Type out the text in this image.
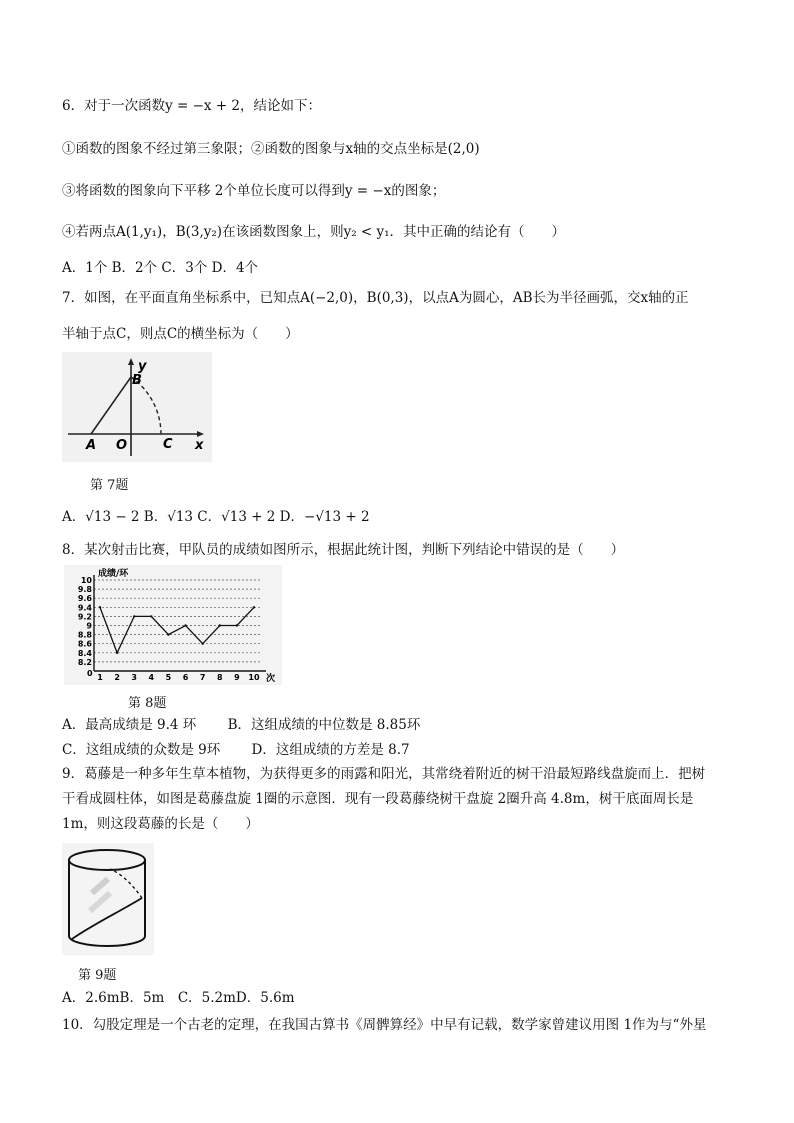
6．对于一次函数y = −x + 2，结论如下：
①函数的图象不经过第三象限；②函数的图象与x轴的交点坐标是(2,0)
③将函数的图象向下平移 2个单位长度可以得到y = −x的图象；
④若两点A(1,y₁)，B(3,y₂)在该函数图象上，则y₂ < y₁．其中正确的结论有（　　）
A．1个 B．2个 C．3个 D．4个
7．如图，在平面直角坐标系中，已知点A(−2,0)，B(0,3)，以点A为圆心，AB长为半径画弧，交x轴的正
半轴于点C，则点C的横坐标为（　　）
y
B
A O	C x
第 7题
A．√13 − 2 B．√13 C．√13 + 2 D．−√13 + 2
8．某次射击比赛，甲队员的成绩如图所示，根据此统计图，判断下列结论中错误的是（　　）
10
9.8
9.6
9.4
9.2
9
8.8
8.6
8.4
8.2
1 2 3 4 5 6 7 8 9 10
成绩/环
次
0
第 8题
A．最高成绩是 9.4 环　　 B．这组成绩的中位数是 8.85环
C．这组成绩的众数是 9环　　 D．这组成绩的方差是 8.7
9．葛藤是一种多年生草本植物，为获得更多的雨露和阳光，其常绕着附近的树干沿最短路线盘旋而上．把树
干看成圆柱体，如图是葛藤盘旋 1圈的示意图．现有一段葛藤绕树干盘旋 2圈升高 4.8m，树干底面周长是
1m，则这段葛藤的长是（　　）
第 9题
A．2.6mB．5m　C．5.2mD．5.6m
10．勾股定理是一个古老的定理，在我国古算书《周髀算经》中早有记载，数学家曾建议用图 1作为与“外星
